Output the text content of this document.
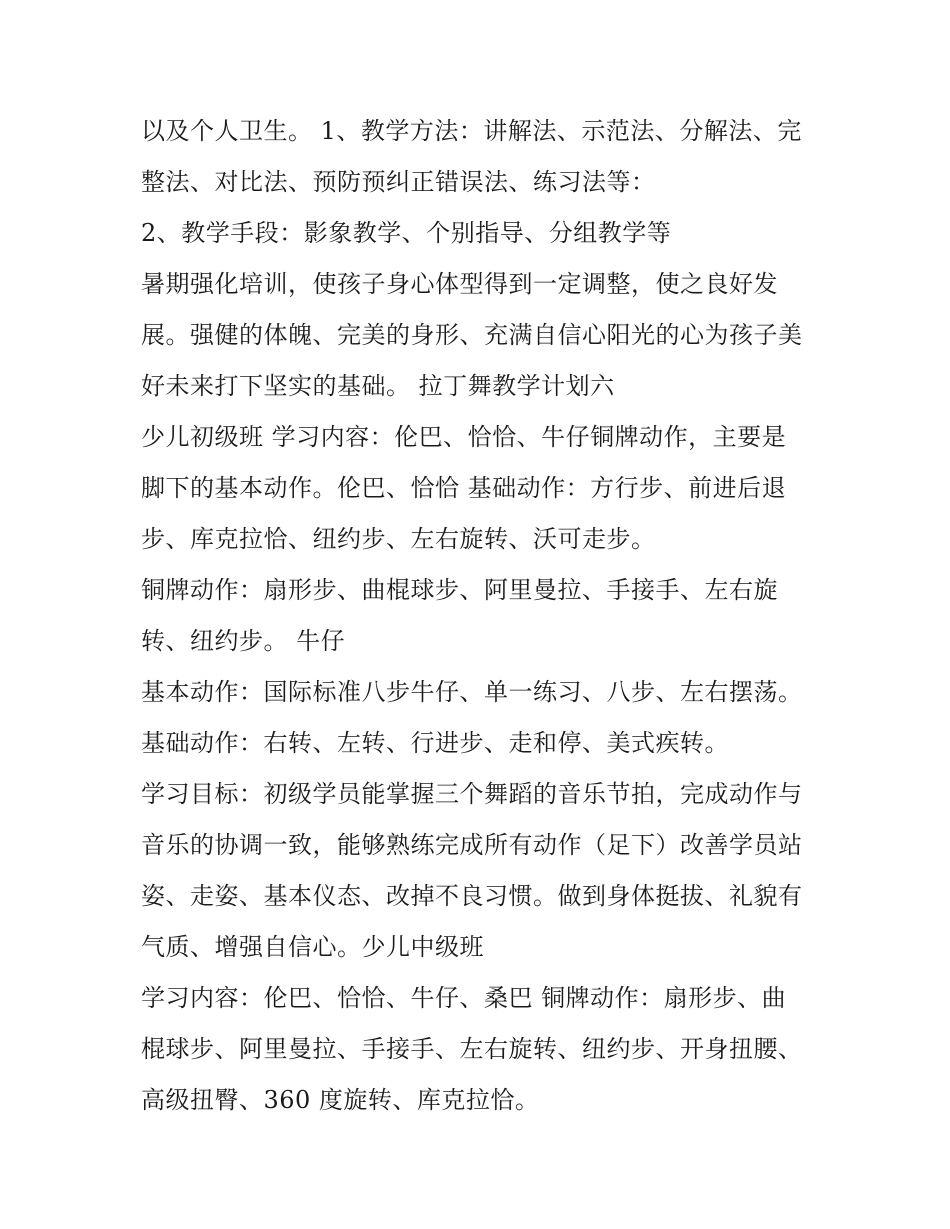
以及个人卫生。 1、教学方法：讲解法、示范法、分解法、完
整法、对比法、预防预纠正错误法、练习法等：
2、教学手段：影象教学、个别指导、分组教学等
暑期强化培训，使孩子身心体型得到一定调整，使之良好发
展。强健的体魄、完美的身形、充满自信心阳光的心为孩子美
好未来打下坚实的基础。 拉丁舞教学计划六
少儿初级班 学习内容：伦巴、恰恰、牛仔铜牌动作，主要是
脚下的基本动作。伦巴、恰恰 基础动作：方行步、前进后退
步、库克拉恰、纽约步、左右旋转、沃可走步。
铜牌动作：扇形步、曲棍球步、阿里曼拉、手接手、左右旋
转、纽约步。 牛仔
基本动作：国际标准八步牛仔、单一练习、八步、左右摆荡。
基础动作：右转、左转、行进步、走和停、美式疾转。
学习目标：初级学员能掌握三个舞蹈的音乐节拍，完成动作与
音乐的协调一致，能够熟练完成所有动作（足下）改善学员站
姿、走姿、基本仪态、改掉不良习惯。做到身体挺拔、礼貌有
气质、增强自信心。少儿中级班
学习内容：伦巴、恰恰、牛仔、桑巴 铜牌动作：扇形步、曲
棍球步、阿里曼拉、手接手、左右旋转、纽约步、开身扭腰、
高级扭臀、360 度旋转、库克拉恰。
